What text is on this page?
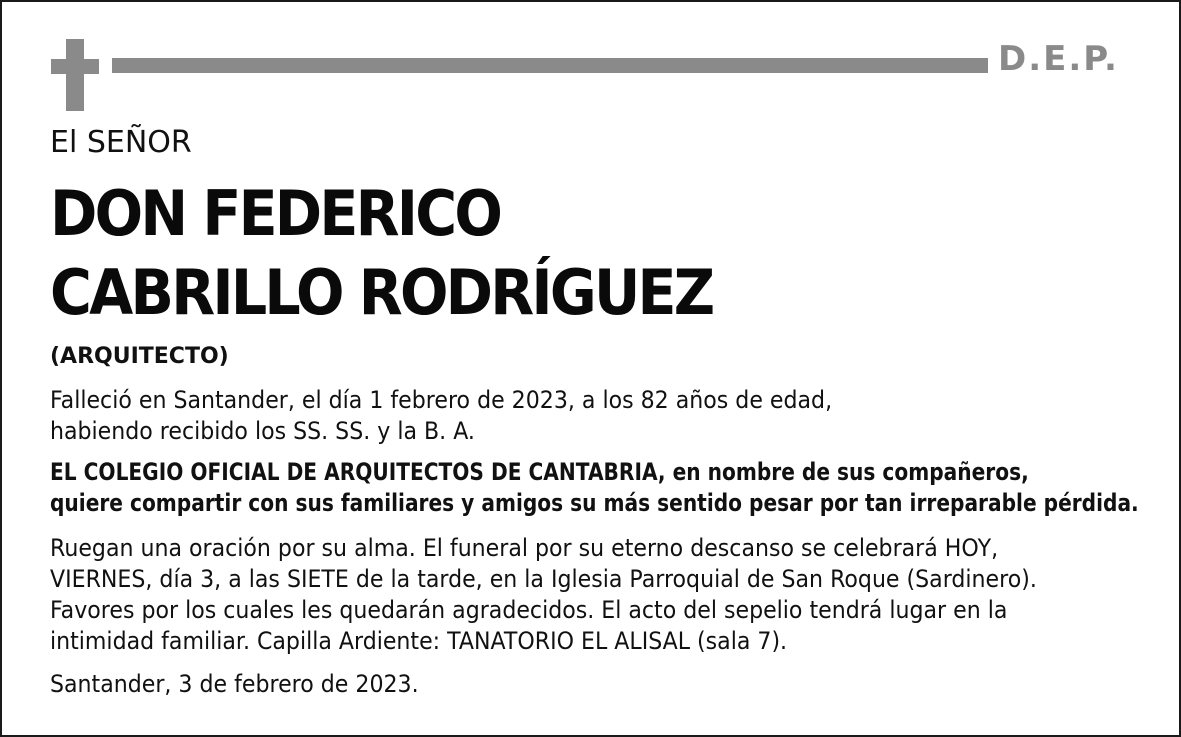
D.E.P.
El SEÑOR
DON FEDERICO
CABRILLO RODRÍGUEZ
(ARQUITECTO)
Falleció en Santander, el día 1 febrero de 2023, a los 82 años de edad,
habiendo recibido los SS. SS. y la B. A.
EL COLEGIO OFICIAL DE ARQUITECTOS DE CANTABRIA, en nombre de sus compañeros,
quiere compartir con sus familiares y amigos su más sentido pesar por tan irreparable pérdida.
Ruegan una oración por su alma. El funeral por su eterno descanso se celebrará HOY,
VIERNES, día 3, a las SIETE de la tarde, en la Iglesia Parroquial de San Roque (Sardinero).
Favores por los cuales les quedarán agradecidos. El acto del sepelio tendrá lugar en la
intimidad familiar. Capilla Ardiente: TANATORIO EL ALISAL (sala 7).
Santander, 3 de febrero de 2023.
